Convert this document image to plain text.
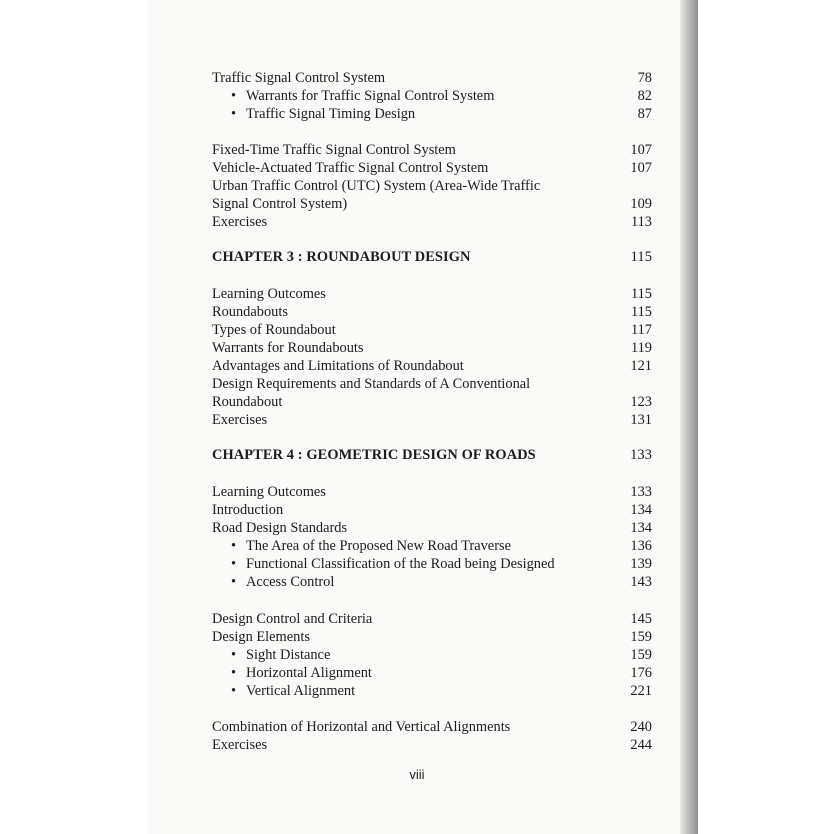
Traffic Signal Control System	78
• Warrants for Traffic Signal Control System	82
• Traffic Signal Timing Design	87
Fixed-Time Traffic Signal Control System	107
Vehicle-Actuated Traffic Signal Control System	107
Urban Traffic Control (UTC) System (Area-Wide Traffic
Signal Control System)	109
Exercises	113
CHAPTER 3 : ROUNDABOUT DESIGN	115
Learning Outcomes	115
Roundabouts	115
Types of Roundabout	117
Warrants for Roundabouts	119
Advantages and Limitations of Roundabout	121
Design Requirements and Standards of A Conventional
Roundabout	123
Exercises	131
CHAPTER 4 : GEOMETRIC DESIGN OF ROADS	133
Learning Outcomes	133
Introduction	134
Road Design Standards	134
• The Area of the Proposed New Road Traverse	136
• Functional Classification of the Road being Designed	139
• Access Control	143
Design Control and Criteria	145
Design Elements	159
• Sight Distance	159
• Horizontal Alignment	176
• Vertical Alignment	221
Combination of Horizontal and Vertical Alignments	240
Exercises	244
viii
